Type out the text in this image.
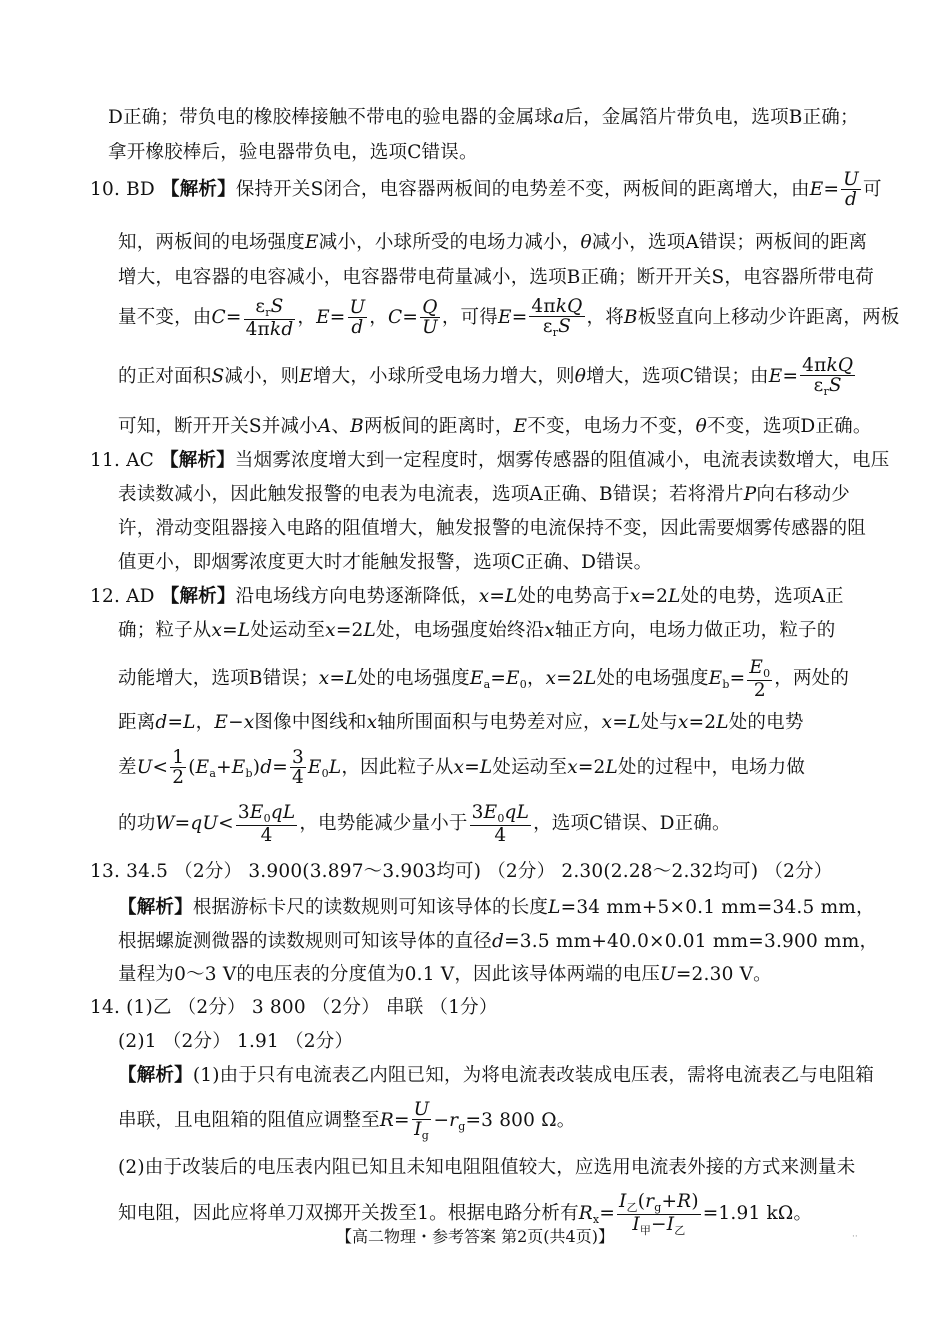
D正确；带负电的橡胶棒接触不带电的验电器的金属球a后，金属箔片带负电，选项B正确；
拿开橡胶棒后，验电器带负电，选项C错误。
10. BD 【解析】保持开关S闭合，电容器两板间的电势差不变，两板间的距离增大，由$E= \frac{U}{d}$ 可
知，两板间的电场强度E减小，小球所受的电场力减小，θ减小，选项A错误；两板间的距离
增大，电容器的电容减小，电容器带电荷量减小，选项B正确；断开开关S，电容器所带电荷
量不变，由$C= \frac{\varepsilon_rS}{\text{4πkd}}$ ，$E= \frac{U}{d}$ ，$C= \frac{Q}{U}$ ，可得$E= \frac{\text{4πkQ}}{\varepsilon_rS}$ ，将B板竖直向上移动少许距离，两板
的正对面积S减小，则E增大，小球所受电场力增大，则θ增大，选项C错误；由$E= \frac{\text{4πkQ}}{\varepsilon_rS}$
可知，断开开关S并减小A、B两板间的距离时，E不变，电场力不变，θ不变，选项D正确。
11. AC 【解析】当烟雾浓度增大到一定程度时，烟雾传感器的阻值减小，电流表读数增大，电压
表读数减小，因此触发报警的电表为电流表，选项A正确、B错误；若将滑片P向右移动少
许，滑动变阻器接入电路的阻值增大，触发报警的电流保持不变，因此需要烟雾传感器的阻
值更小，即烟雾浓度更大时才能触发报警，选项C正确、D错误。
12. AD 【解析】沿电场线方向电势逐渐降低，x=L处的电势高于x=2L处的电势，选项A正
确；粒子从x=L处运动至x=2L处，电场强度始终沿x轴正方向，电场力做正功，粒子的
动能增大，选项B错误；x=L处的电场强度$E_a=E_0$，x=2L处的电场强度$E_b= \frac{E_0}{2}$ ，两处的
距离d=L，E−x图像中图线和x轴所围面积与电势差对应，x=L处与x=2L处的电势
差$U< \frac{1}{2} (E_a+E_b)d= \frac{3}{4} E_0L$，因此粒子从x=L处运动至x=2L处的过程中，电场力做
的功$W=qU< \frac{3E_0qL}{4}$ ，电势能减少量小于 $\frac{3E_0qL}{4}$ ，选项C错误、D正确。
13. 34.5 （2分） 3.900(3.897～3.903均可) （2分） 2.30(2.28～2.32均可) （2分）
【解析】根据游标卡尺的读数规则可知该导体的长度L=34 mm+5×0.1 mm=34.5 mm，
根据螺旋测微器的读数规则可知该导体的直径d=3.5 mm+40.0×0.01 mm=3.900 mm，
量程为0～3 V的电压表的分度值为0.1 V，因此该导体两端的电压U=2.30 V。
14. (1)乙 （2分） 3 800 （2分） 串联 （1分）
(2)1 （2分） 1.91 （2分）
【解析】(1)由于只有电流表乙内阻已知，为将电流表改装成电压表，需将电流表乙与电阻箱
串联，且电阻箱的阻值应调整至$R= \frac{U}{I_g} -r_g=3$ 800 Ω。
(2)由于改装后的电压表内阻已知且未知电阻阻值较大，应选用电流表外接的方式来测量未
知电阻，因此应将单刀双掷开关拨至1。根据电路分析有$R_x= \frac{I_乙(r_g+R)}{I_甲-I_乙} =1.91$ kΩ。
【高二物理・参考答案 第2页(共4页)】	··
